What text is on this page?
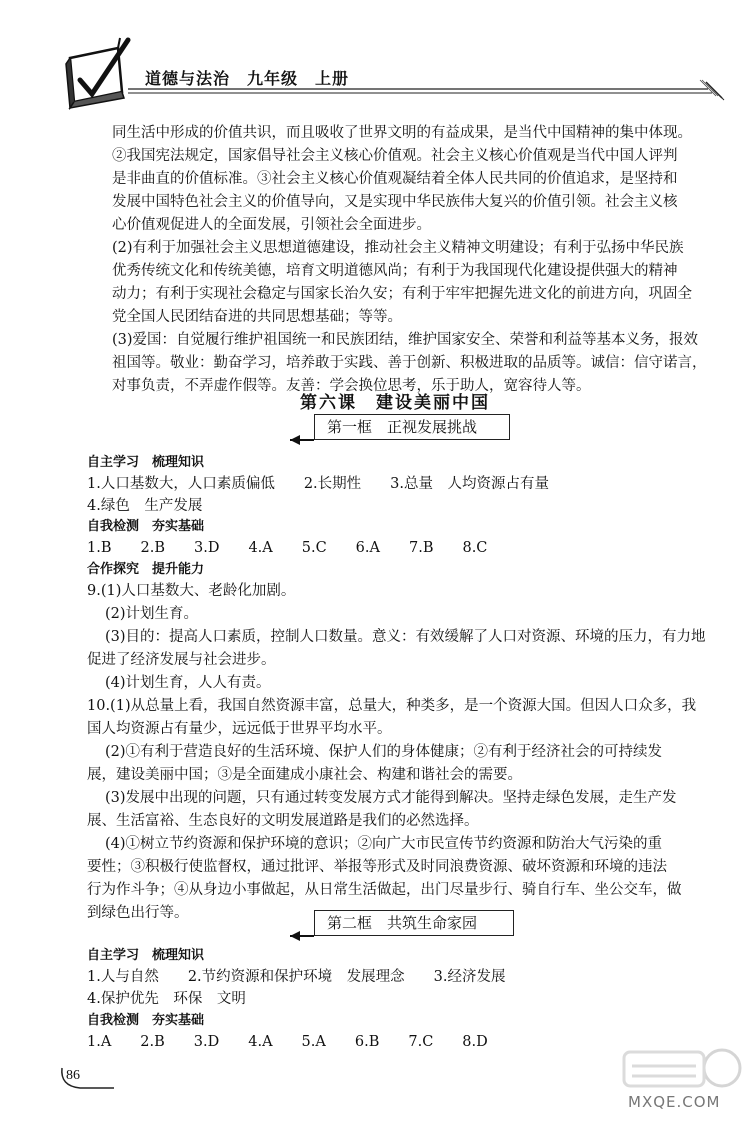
道德与法治　九年级　上册
同生活中形成的价值共识，而且吸收了世界文明的有益成果，是当代中国精神的集中体现。
②我国宪法规定，国家倡导社会主义核心价值观。社会主义核心价值观是当代中国人评判
是非曲直的价值标准。③社会主义核心价值观凝结着全体人民共同的价值追求，是坚持和
发展中国特色社会主义的价值导向，又是实现中华民族伟大复兴的价值引领。社会主义核
心价值观促进人的全面发展，引领社会全面进步。
(2)有利于加强社会主义思想道德建设，推动社会主义精神文明建设；有利于弘扬中华民族
优秀传统文化和传统美德，培育文明道德风尚；有利于为我国现代化建设提供强大的精神
动力；有利于实现社会稳定与国家长治久安；有利于牢牢把握先进文化的前进方向，巩固全
党全国人民团结奋进的共同思想基础；等等。
(3)爱国：自觉履行维护祖国统一和民族团结，维护国家安全、荣誉和利益等基本义务，报效
祖国等。敬业：勤奋学习，培养敢于实践、善于创新、积极进取的品质等。诚信：信守诺言，
对事负责，不弄虚作假等。友善：学会换位思考，乐于助人，宽容待人等。
第六课　建设美丽中国
第一框　正视发展挑战
自主学习　梳理知识
1.人口基数大，人口素质偏低　　2.长期性　　3.总量　人均资源占有量
4.绿色　生产发展
自我检测　夯实基础
1.B　　2.B　　3.D　　4.A　　5.C　　6.A　　7.B　　8.C
合作探究　提升能力
9.(1)人口基数大、老龄化加剧。
(2)计划生育。
(3)目的：提高人口素质，控制人口数量。意义：有效缓解了人口对资源、环境的压力，有力地
促进了经济发展与社会进步。
(4)计划生育，人人有责。
10.(1)从总量上看，我国自然资源丰富，总量大，种类多，是一个资源大国。但因人口众多，我
国人均资源占有量少，远远低于世界平均水平。
(2)①有利于营造良好的生活环境、保护人们的身体健康；②有利于经济社会的可持续发
展，建设美丽中国；③是全面建成小康社会、构建和谐社会的需要。
(3)发展中出现的问题，只有通过转变发展方式才能得到解决。坚持走绿色发展，走生产发
展、生活富裕、生态良好的文明发展道路是我们的必然选择。
(4)①树立节约资源和保护环境的意识；②向广大市民宣传节约资源和防治大气污染的重
要性；③积极行使监督权，通过批评、举报等形式及时同浪费资源、破坏资源和环境的违法
行为作斗争；④从身边小事做起，从日常生活做起，出门尽量步行、骑自行车、坐公交车，做
到绿色出行等。
第二框　共筑生命家园
自主学习　梳理知识
1.人与自然　　2.节约资源和保护环境　发展理念　　3.经济发展
4.保护优先　环保　文明
自我检测　夯实基础
1.A　　2.B　　3.D　　4.A　　5.A　　6.B　　7.C　　8.D
86
MXQE.COM
